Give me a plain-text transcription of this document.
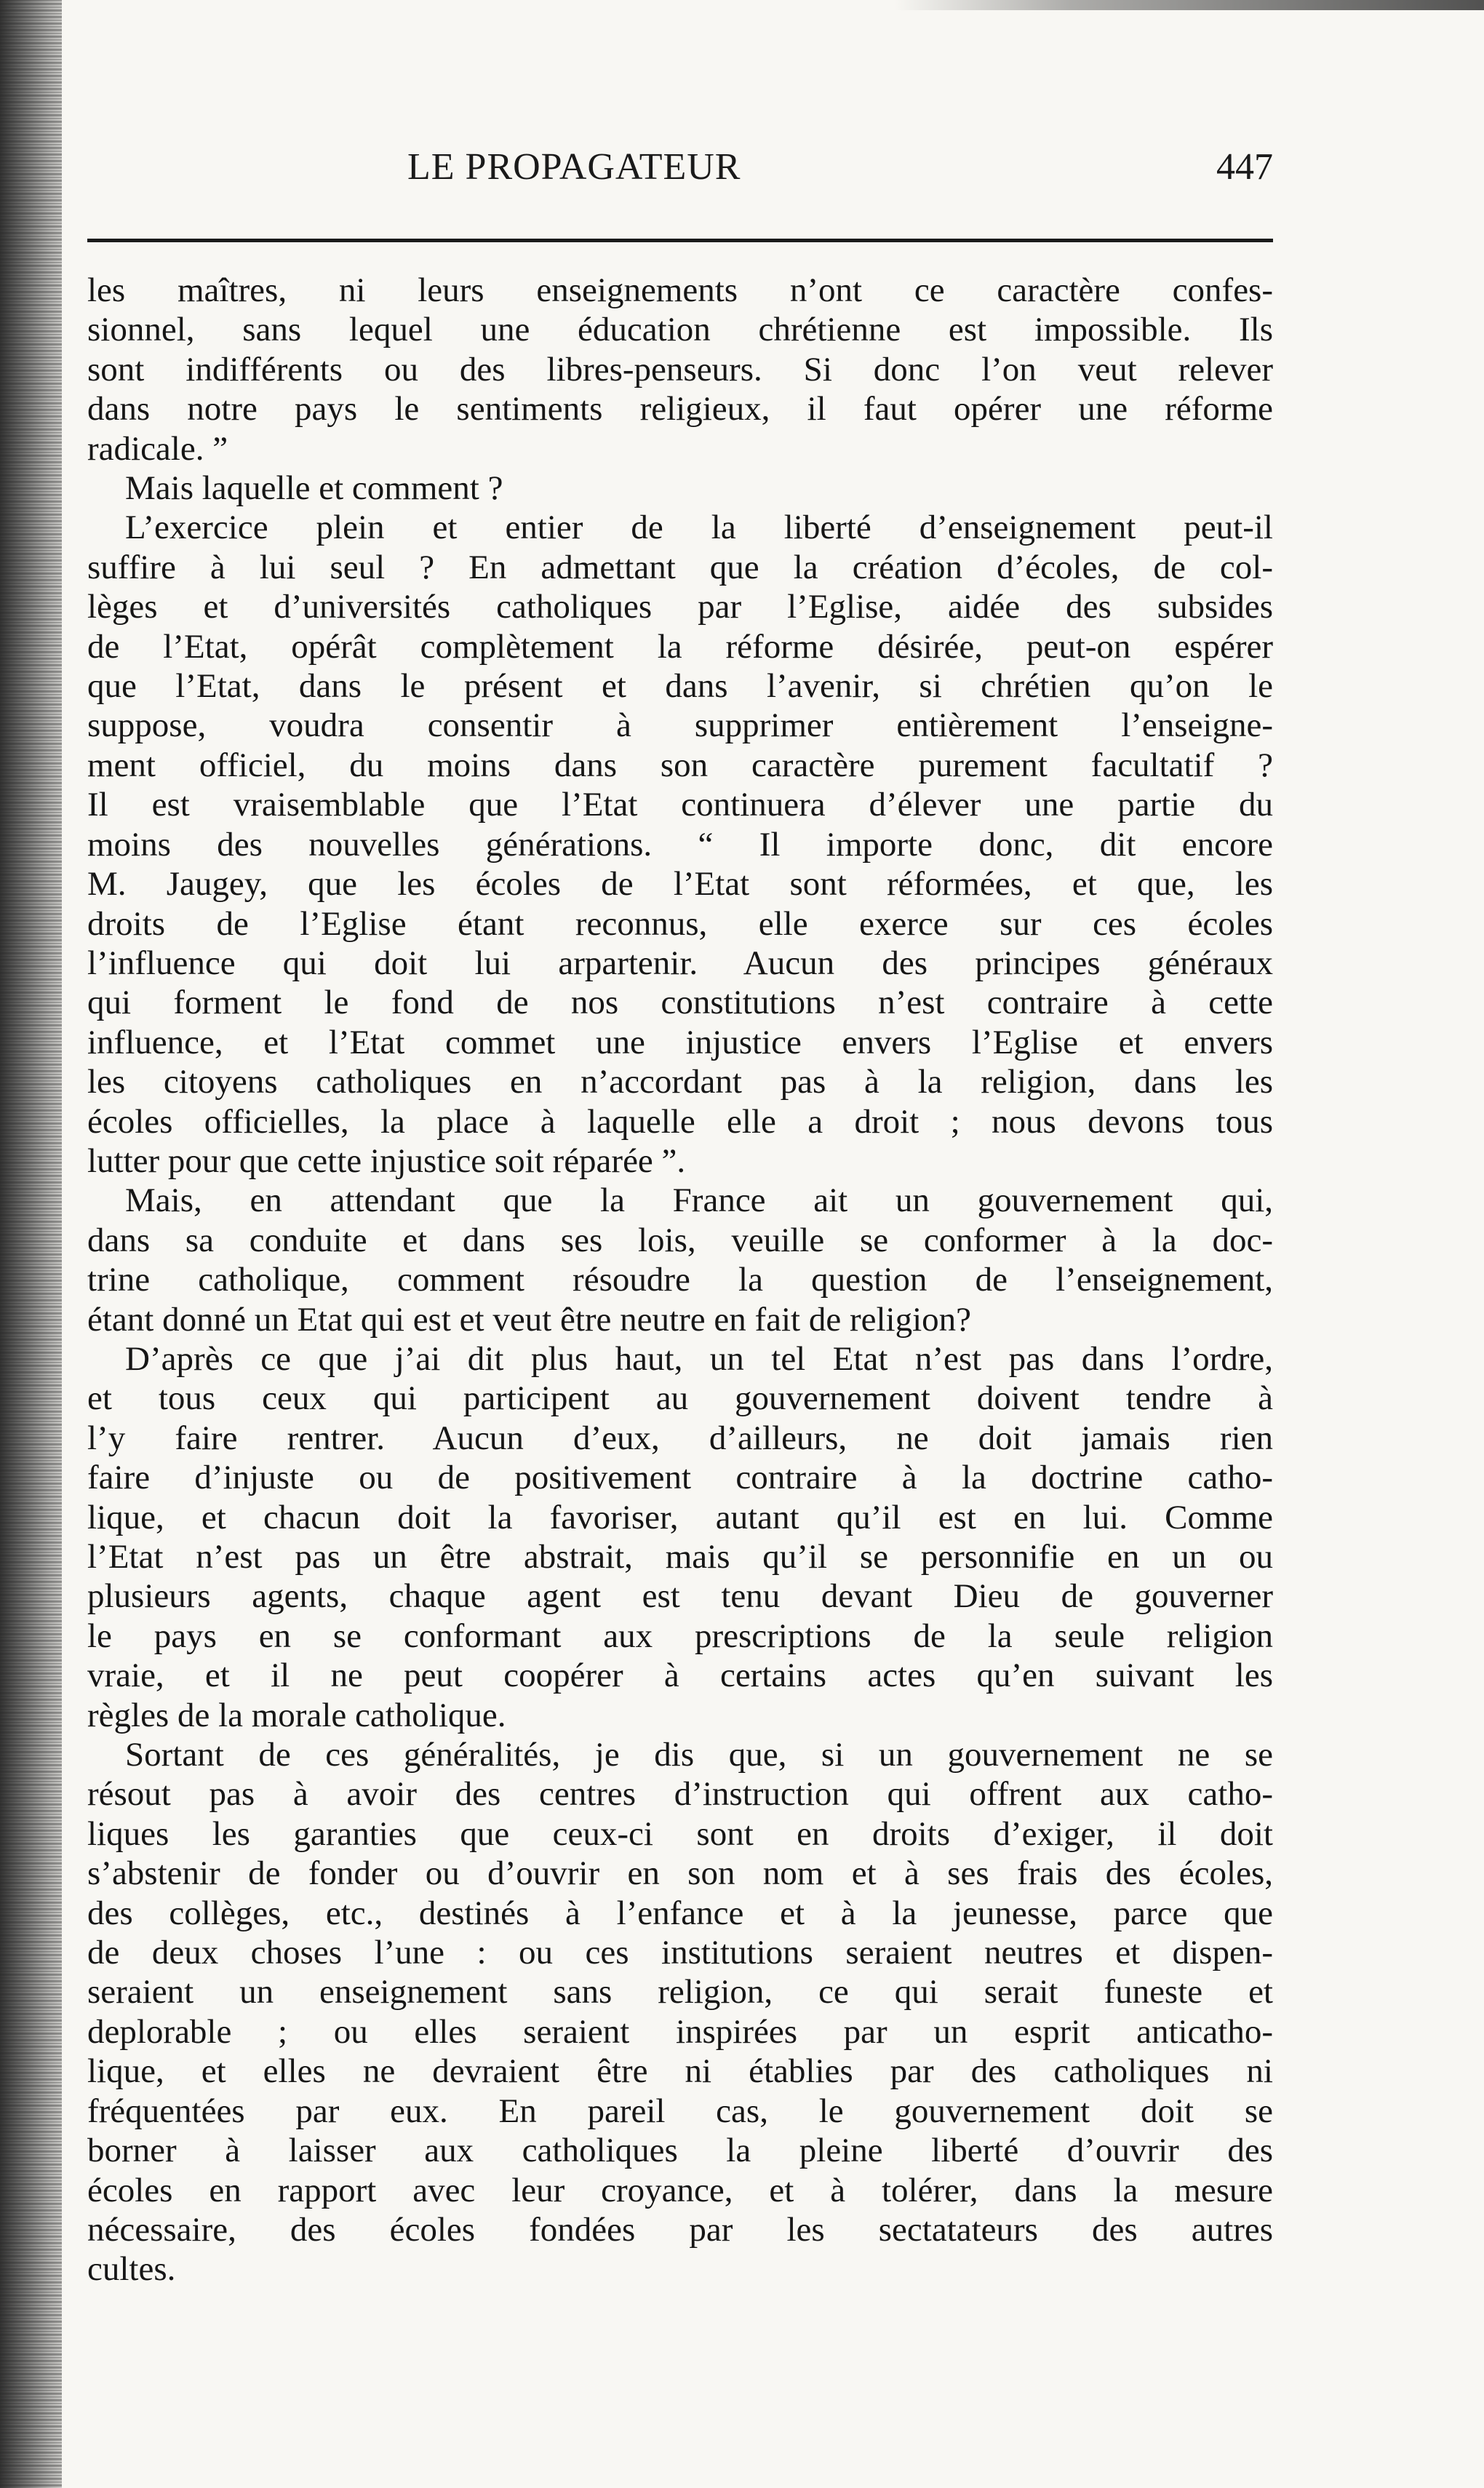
LE PROPAGATEUR	447
les maîtres, ni leurs enseignements n’ont ce caractère confes-
sionnel, sans lequel une éducation chrétienne est impossible. Ils
sont indifférents ou des libres-penseurs. Si donc l’on veut relever
dans notre pays le sentiments religieux, il faut opérer une réforme
radicale. ”
Mais laquelle et comment ?
L’exercice plein et entier de la liberté d’enseignement peut-il
suffire à lui seul ? En admettant que la création d’écoles, de col-
lèges et d’universités catholiques par l’Eglise, aidée des subsides
de l’Etat, opérât complètement la réforme désirée, peut-on espérer
que l’Etat, dans le présent et dans l’avenir, si chrétien qu’on le
suppose, voudra consentir à supprimer entièrement l’enseigne-
ment officiel, du moins dans son caractère purement facultatif ?
Il est vraisemblable que l’Etat continuera d’élever une partie du
moins des nouvelles générations. “ Il importe donc, dit encore
M. Jaugey, que les écoles de l’Etat sont réformées, et que, les
droits de l’Eglise étant reconnus, elle exerce sur ces écoles
l’influence qui doit lui arpartenir. Aucun des principes généraux
qui forment le fond de nos constitutions n’est contraire à cette
influence, et l’Etat commet une injustice envers l’Eglise et envers
les citoyens catholiques en n’accordant pas à la religion, dans les
écoles officielles, la place à laquelle elle a droit ; nous devons tous
lutter pour que cette injustice soit réparée ”.
Mais, en attendant que la France ait un gouvernement qui,
dans sa conduite et dans ses lois, veuille se conformer à la doc-
trine catholique, comment résoudre la question de l’enseignement,
étant donné un Etat qui est et veut être neutre en fait de religion?
D’après ce que j’ai dit plus haut, un tel Etat n’est pas dans l’ordre,
et tous ceux qui participent au gouvernement doivent tendre à
l’y faire rentrer. Aucun d’eux, d’ailleurs, ne doit jamais rien
faire d’injuste ou de positivement contraire à la doctrine catho-
lique, et chacun doit la favoriser, autant qu’il est en lui. Comme
l’Etat n’est pas un être abstrait, mais qu’il se personnifie en un ou
plusieurs agents, chaque agent est tenu devant Dieu de gouverner
le pays en se conformant aux prescriptions de la seule religion
vraie, et il ne peut coopérer à certains actes qu’en suivant les
règles de la morale catholique.
Sortant de ces généralités, je dis que, si un gouvernement ne se
résout pas à avoir des centres d’instruction qui offrent aux catho-
liques les garanties que ceux-ci sont en droits d’exiger, il doit
s’abstenir de fonder ou d’ouvrir en son nom et à ses frais des écoles,
des collèges, etc., destinés à l’enfance et à la jeunesse, parce que
de deux choses l’une : ou ces institutions seraient neutres et dispen-
seraient un enseignement sans religion, ce qui serait funeste et
deplorable ; ou elles seraient inspirées par un esprit anticatho-
lique, et elles ne devraient être ni établies par des catholiques ni
fréquentées par eux. En pareil cas, le gouvernement doit se
borner à laisser aux catholiques la pleine liberté d’ouvrir des
écoles en rapport avec leur croyance, et à tolérer, dans la mesure
nécessaire, des écoles fondées par les sectatateurs des autres
cultes.
